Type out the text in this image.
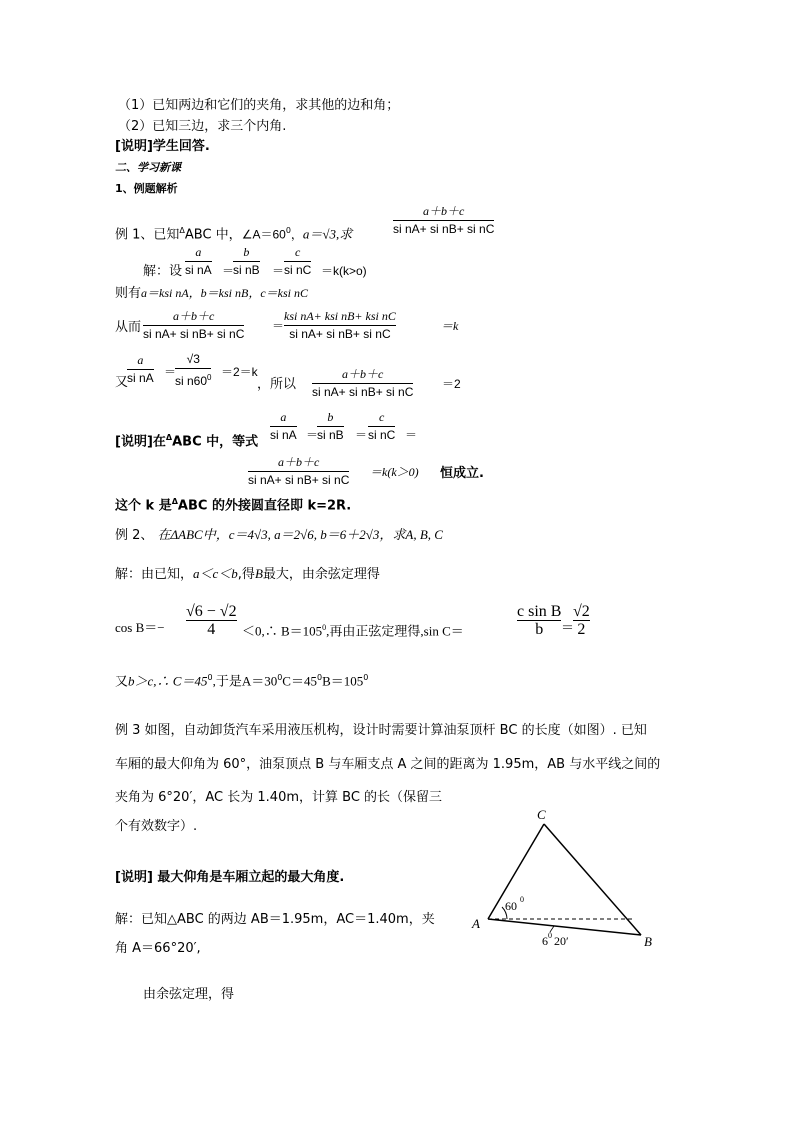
（1）已知两边和它们的夹角，求其他的边和角；
（2）已知三边，求三个内角.
[说明]学生回答.
二、学习新课
1、例题解析
例 1、已知$^\Delta$ABC 中，$\angle A=60^0$，a＝√3,求
a＋b＋c
si nA+ si nB+ si nC
解：设
a
si nA ＝
b
si nB ＝
c
si nC ＝k(k>o)
则有a＝ksi nA，b＝ksi nB，c＝ksi nC
从而
a＋b＋c
si nA+ si nB+ si nC
＝
ksi nA+ ksi nB+ ksi nC
si nA+ si nB+ si nC
＝k
又
a
si nA ＝
√3
si $n60^0 =2=k$
，所以
a＋b＋c
si nA+ si nB+ si nC
＝2
[说明]在$^\Delta$ABC 中，等式
a
si nA ＝
b
si nB ＝
c
si nC ＝
a＋b＋c
si nA+ si nB+ si nC
＝k(k＞0) 恒成立.
这个 k 是$^\Delta$ABC 的外接圆直径即 k=2R.
例 2、 在ΔABC中，c＝4√3, a＝2√6, b＝6＋2√3，求A, B, C
解：由已知，a＜c＜b,得B最大，由余弦定理得
cos B＝−
√6 − √2
4 ＜0,∴ $B=105^0$,再由正弦定理得,sin C＝
c sin B
b ＝
√2
2
又b＞c,∴ $C=45^0$,于是$A=30^0C=45^0B=105^0$
例 3 如图，自动卸货汽车采用液压机构，设计时需要计算油泵顶杆 BC 的长度（如图）. 已知
车厢的最大仰角为 60°，油泵顶点 B 与车厢支点 A 之间的距离为 1.95m，AB 与水平线之间的
夹角为 6°20′，AC 长为 1.40m，计算 BC 的长（保留三
个有效数字）.
[说明] 最大仰角是车厢立起的最大角度.
解：已知△ABC 的两边 AB＝1.95m，AC＝1.40m，夹
角 A＝66°20′,
由余弦定理，得
A
B
C
60 0
6 0 20′
